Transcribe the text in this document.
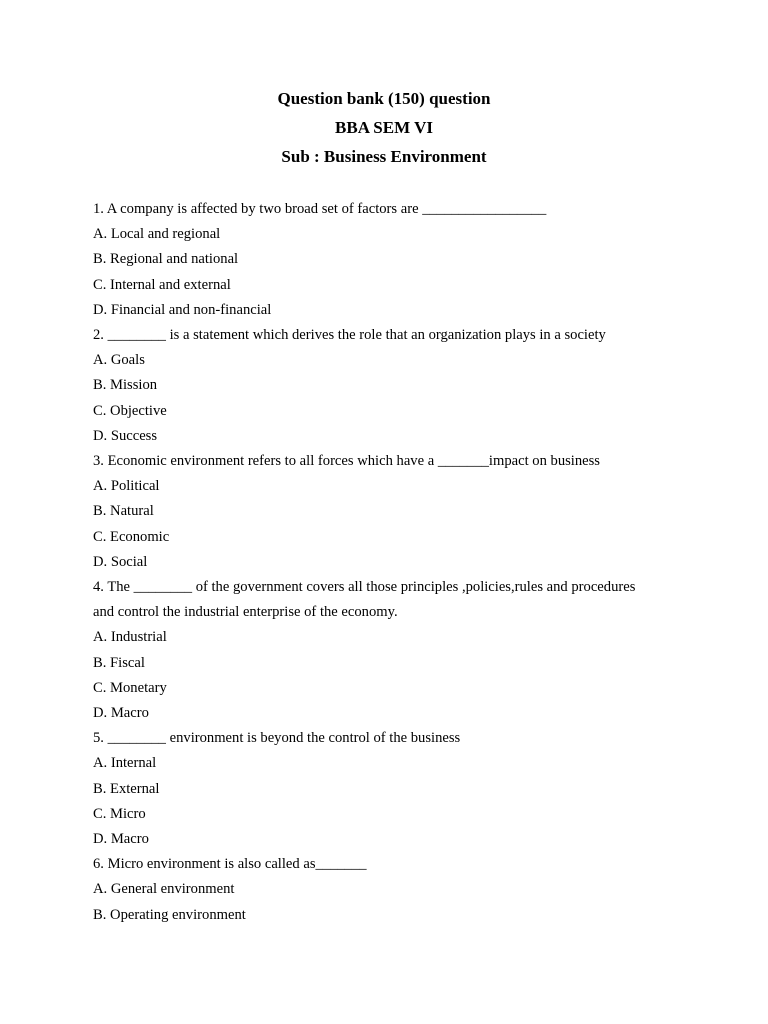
Question bank (150) question

BBA SEM VI

Sub : Business Environment

1. A company is affected by two broad set of factors are _________________
A. Local and regional
B. Regional and national
C. Internal and external
D. Financial and non-financial
2. ________ is a statement which derives the role that an organization plays in a society
A. Goals
B. Mission
C. Objective
D. Success
3. Economic environment refers to all forces which have a _______impact on business
A. Political
B. Natural
C. Economic
D. Social
4. The ________ of the government covers all those principles ,policies,rules and procedures
and control the industrial enterprise of the economy.
A. Industrial
B. Fiscal
C. Monetary
D. Macro
5. ________ environment is beyond the control of the business
A. Internal
B. External
C. Micro
D. Macro
6. Micro environment is also called as_______
A. General environment
B. Operating environment
